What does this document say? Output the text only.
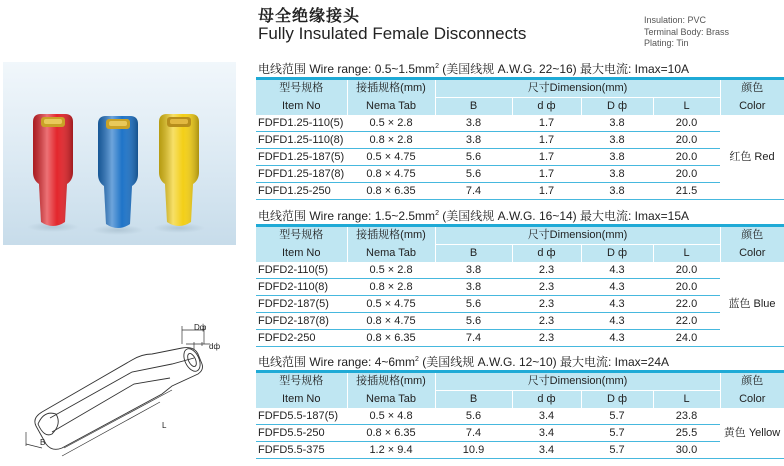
母全绝缘接头
Fully Insulated Female Disconnects
Insulation: PVC
Terminal Body: Brass
Plating: Tin
Dф
dф
L
B
电线范围 Wire range: $0.5\sim 1.5mm^2$ (美国线规 A.W.G. 22~16) 最大电流: Imax=10A
型号规格	接插规格(mm)	尺寸Dimension(mm)				颜色
Item No	Nema Tab	B	d ф	D ф	L	Color
FDFD1.25-110(5)	0.5 × 2.8	3.8	1.7	3.8	20.0	红色 Red
FDFD1.25-110(8)	0.8 × 2.8	3.8	1.7	3.8	20.0	
FDFD1.25-187(5)	0.5 × 4.75	5.6	1.7	3.8	20.0	
FDFD1.25-187(8)	0.8 × 4.75	5.6	1.7	3.8	20.0	
FDFD1.25-250	0.8 × 6.35	7.4	1.7	3.8	21.5	
电线范围 Wire range: $1.5\sim 2.5mm^2$ (美国线规 A.W.G. 16~14) 最大电流: Imax=15A
型号规格	接插规格(mm)	尺寸Dimension(mm)				颜色
Item No	Nema Tab	B	d ф	D ф	L	Color
FDFD2-110(5)	0.5 × 2.8	3.8	2.3	4.3	20.0	蓝色 Blue
FDFD2-110(8)	0.8 × 2.8	3.8	2.3	4.3	20.0	
FDFD2-187(5)	0.5 × 4.75	5.6	2.3	4.3	22.0	
FDFD2-187(8)	0.8 × 4.75	5.6	2.3	4.3	22.0	
FDFD2-250	0.8 × 6.35	7.4	2.3	4.3	24.0	
电线范围 Wire range: $4\sim 6mm^2$ (美国线规 A.W.G. 12~10) 最大电流: Imax=24A
型号规格	接插规格(mm)	尺寸Dimension(mm)				颜色
Item No	Nema Tab	B	d ф	D ф	L	Color
FDFD5.5-187(5)	0.5 × 4.8	5.6	3.4	5.7	23.8	黄色 Yellow
FDFD5.5-250	0.8 × 6.35	7.4	3.4	5.7	25.5	
FDFD5.5-375	1.2 × 9.4	10.9	3.4	5.7	30.0	
